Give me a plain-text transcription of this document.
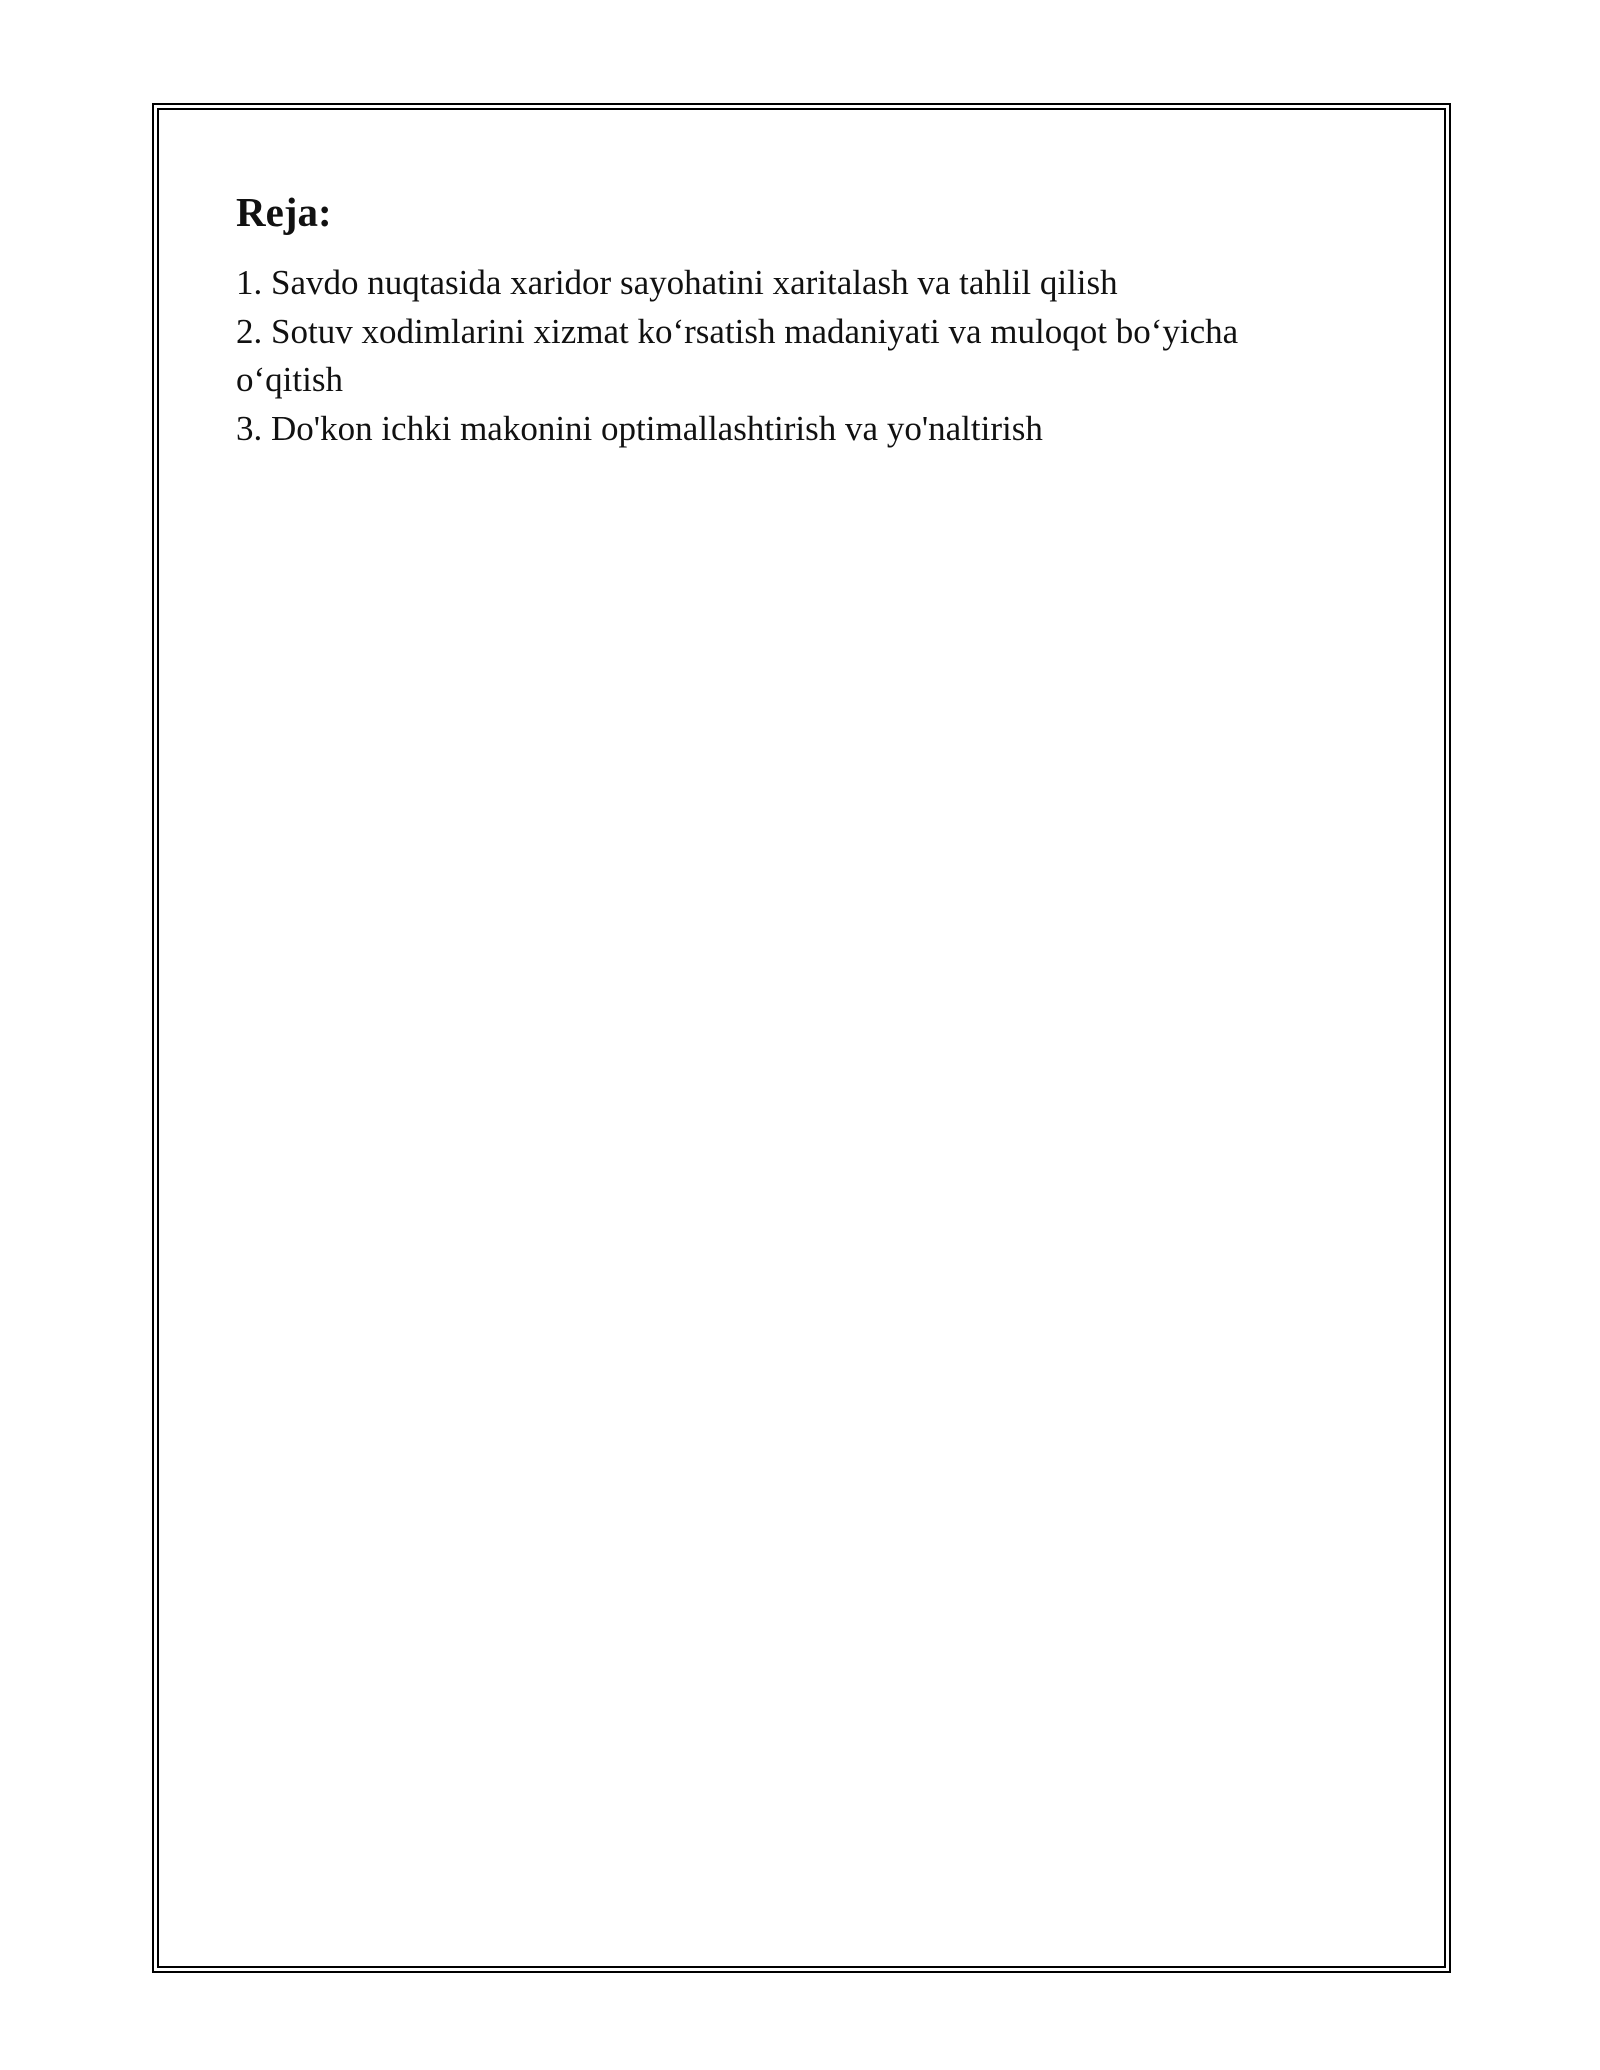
Reja:
1. Savdo nuqtasida xaridor sayohatini xaritalash va tahlil qilish
2. Sotuv xodimlarini xizmat ko‘rsatish madaniyati va muloqot bo‘yicha o‘qitish
3. Do'kon ichki makonini optimallashtirish va yo'naltirish
